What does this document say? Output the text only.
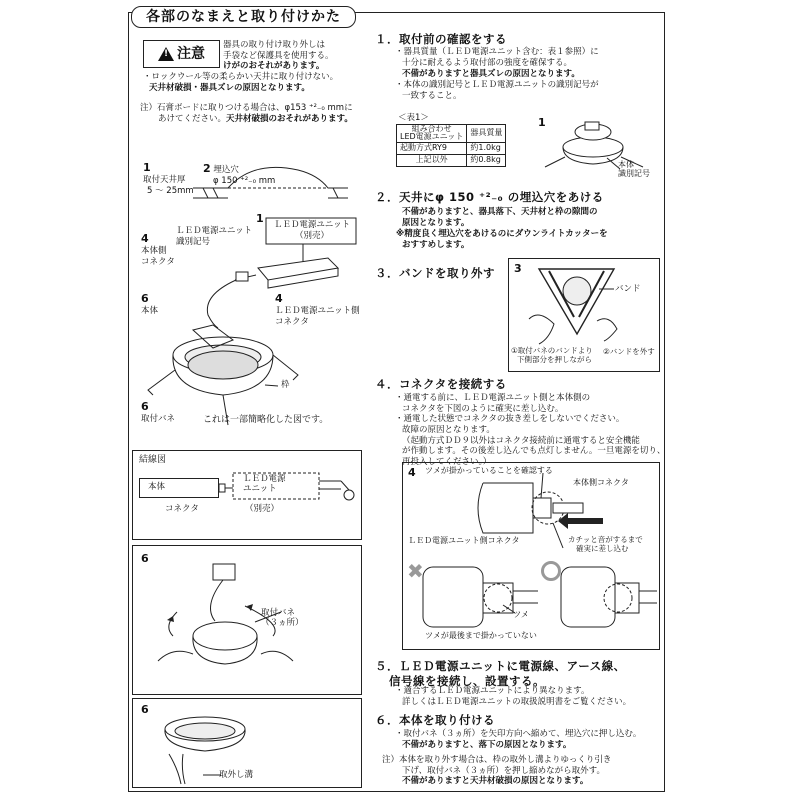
各部のなまえと取り付けかた
!
注意
器具の取り付け取り外しは
手袋など保護具を使用する。
けがのおそれがあります。
・ロックウール等の柔らかい天井に取り付けない。
天井材破損・器具ズレの原因となります。
注）石膏ボードに取りつける場合は、φ153 ⁺²₋₀ mmに
あけてください。天井材破損のおそれがあります。
2 埋込穴
φ 150 ⁺²₋₀ mm
1
取付天井厚
5 ～ 25mm
1
ＬＥＤ電源ユニット
識別記号
ＬＥＤ電源ユニット
（別売）
4
本体側
コネクタ
4
ＬＥＤ電源ユニット側
コネクタ
6
本体
枠
6
取付バネ	これは一部簡略化した図です。
結線図
本体
ＬＥＤ電源
ユニット
コネクタ	（別売）
6
取付バネ
（３ヵ所）
6
取外し溝
１．取付前の確認をする
・器具質量（ＬＥＤ電源ユニット含む：表１参照）に
十分に耐えるよう取付部の強度を確保する。
不備がありますと器具ズレの原因となります。
・本体の識別記号とＬＥＤ電源ユニットの識別記号が
一致すること。
＜表1＞
組み合わせ
LED電源ユニット	器具質量
起動方式RY9	約1.0kg
上記以外	約0.8kg
1
本体
識別記号
２．天井にφ 150 ⁺²₋₀ の埋込穴をあける
不備がありますと、器具落下、天井材と枠の隙間の
原因となります。
※精度良く埋込穴をあけるのにダウンライトカッターを
おすすめします。
３．バンドを取り外す 3
バンド
①取付バネのバンドより
下側部分を押しながら
②バンドを外す
４．コネクタを接続する
・通電する前に、ＬＥＤ電源ユニット側と本体側の
コネクタを下図のように確実に差し込む。
・通電した状態でコネクタの抜き差しをしないでください。
故障の原因となります。
（起動方式ＤＤ９以外はコネクタ接続前に通電すると安全機能
が作動します。その後差し込んでも点灯しません。一旦電源を切り、
再投入してください。）
4 ツメが掛かっていることを確認する
✖
本体側コネクタ
ＬＥＤ電源ユニット側コネクタ	カチッと音がするまで
確実に差し込む
ツメ
ツメが最後まで掛かっていない
５．ＬＥＤ電源ユニットに電源線、アース線、
信号線を接続し、設置する。
・適合するＬＥＤ電源ユニットにより異なります。
詳しくはＬＥＤ電源ユニットの取扱説明書をご覧ください。
６．本体を取り付ける
・取付バネ（３ヵ所）を矢印方向へ縮めて、埋込穴に押し込む。
不備がありますと、落下の原因となります。
注）本体を取り外す場合は、枠の取外し溝よりゆっくり引き
下げ、取付バネ（３ヵ所）を押し縮めながら取外す。
不備がありますと天井材破損の原因となります。
